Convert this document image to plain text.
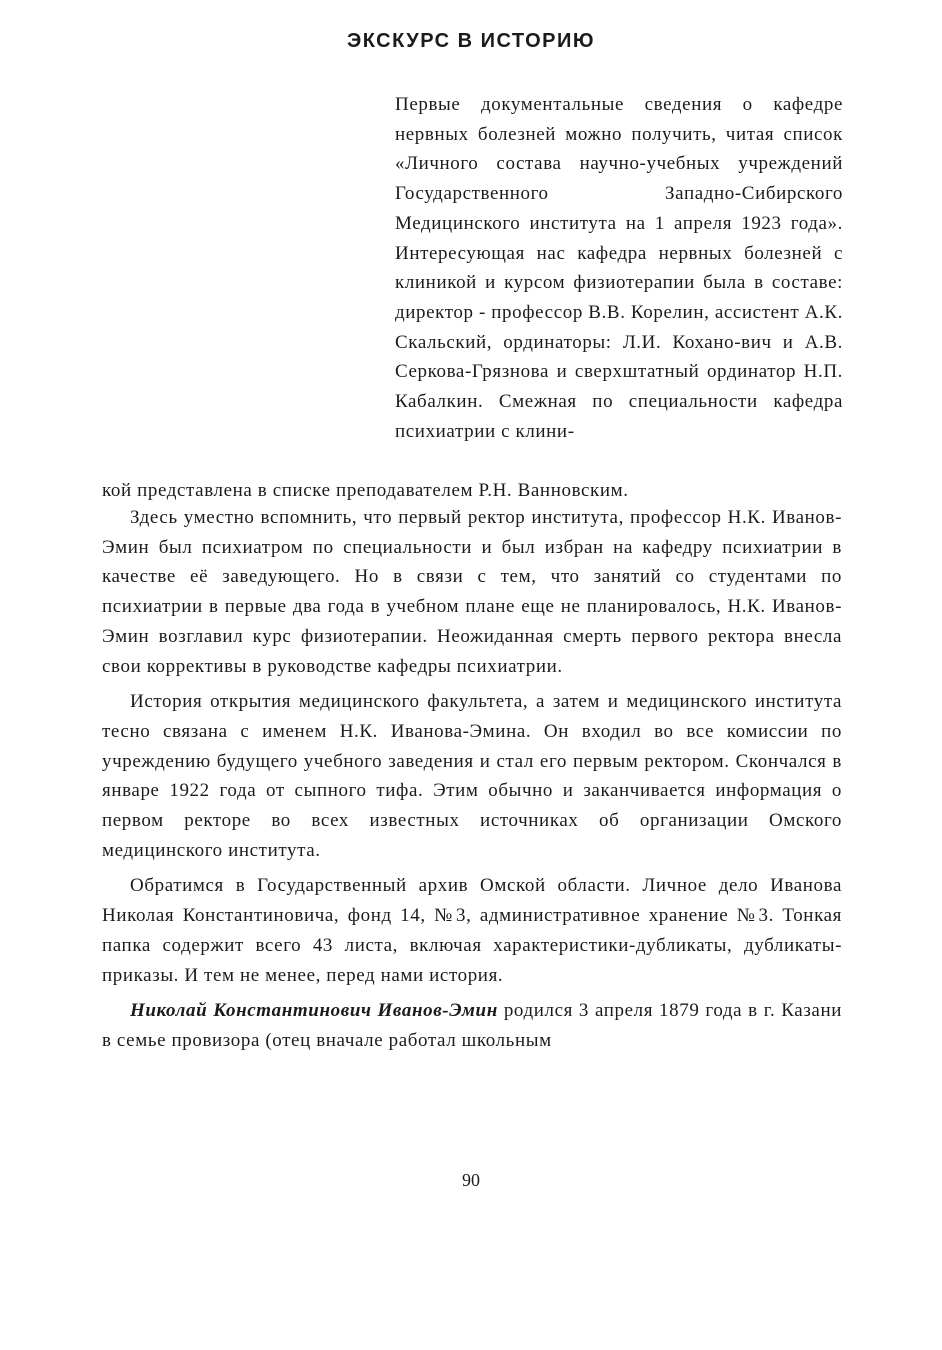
ЭКСКУРС В ИСТОРИЮ
Первые документальные сведения о кафедре нервных болезней можно получить, читая список «Личного состава научно-учебных учреждений Государственного Западно-Сибирского Медицинского института на 1 апреля 1923 года». Интересующая нас кафедра нервных болезней с клиникой и курсом физиотерапии была в составе: директор - профессор В.В. Корелин, ассистент А.К. Скальский, ординаторы: Л.И. Кохано-вич и А.В. Серкова-Грязнова и сверхштатный ординатор Н.П. Кабалкин. Смежная по специальности кафедра психиатрии с клини-
кой представлена в списке преподавателем Р.Н. Ванновским.

Здесь уместно вспомнить, что первый ректор института, профессор Н.К. Иванов-Эмин был психиатром по специальности и был избран на кафедру психиатрии в качестве её заведующего. Но в связи с тем, что занятий со студентами по психиатрии в первые два года в учебном плане еще не планировалось, Н.К. Иванов-Эмин возглавил курс физиотерапии. Неожиданная смерть первого ректора внесла свои коррективы в руководстве кафедры психиатрии.

История открытия медицинского факультета, а затем и медицинского института тесно связана с именем Н.К. Иванова-Эмина. Он входил во все комиссии по учреждению будущего учебного заведения и стал его первым ректором. Скончался в январе 1922 года от сыпного тифа. Этим обычно и заканчивается информация о первом ректоре во всех известных источниках об организации Омского медицинского института.

Обратимся в Государственный архив Омской области. Личное дело Иванова Николая Константиновича, фонд 14, №3, административное хранение №3. Тонкая папка содержит всего 43 листа, включая характеристики-дубликаты, дубликаты-приказы. И тем не менее, перед нами история.

Николай Константинович Иванов-Эмин родился 3 апреля 1879 года в г. Казани в семье провизора (отец вначале работал школьным

90
